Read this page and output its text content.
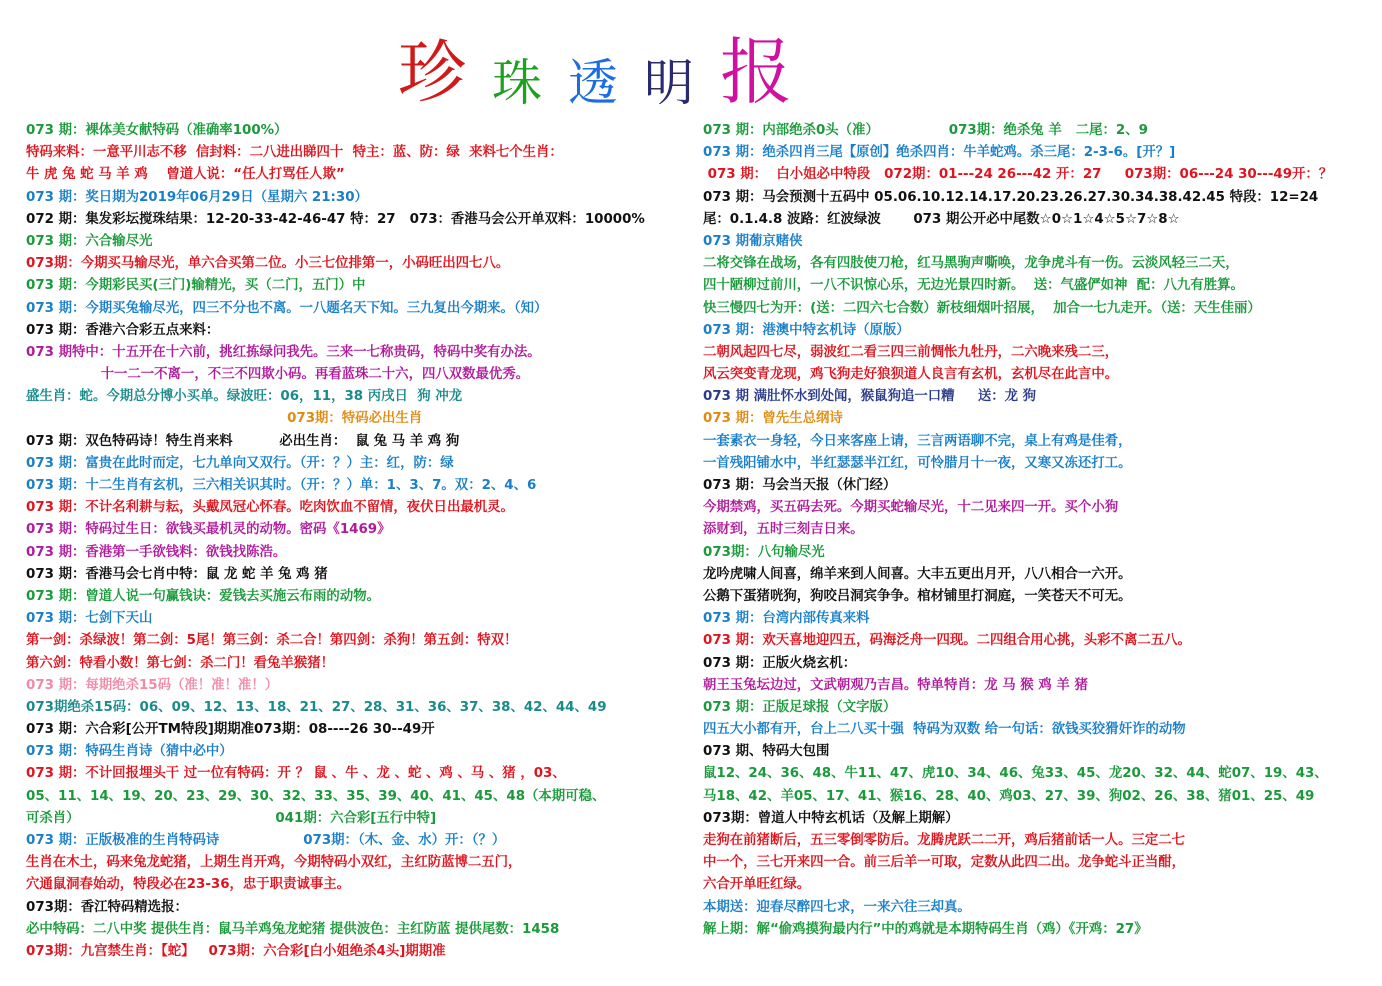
珍 珠 透 明 报
073 期：裸体美女献特码（准确率100%）
特码来料：一意平川志不移  信封料：二八进出睇四十  特主：蓝、防：绿  来料七个生肖：
牛 虎 兔 蛇 马 羊 鸡    曾道人说：“任人打骂任人欺”
073 期：奖日期为2019年06月29日（星期六 21:30）
072 期：集发彩坛搅珠结果：12-20-33-42-46-47 特：27   073：香港马会公开单双料：10000%
073 期：六合输尽光
073期：今期买马输尽光，单六合买第二位。小三七位排第一，小码旺出四七八。
073 期：今期彩民买(三门)输精光，买（二门，五门）中
073 期：今期买兔输尽光，四三不分也不离。一八题名天下知。三九复出今期来。（知）
073 期：香港六合彩五点来料：
073 期特中：十五开在十六前，挑红拣绿问我先。三来一七称贵码，特码中奖有办法。
十一二一不离一，不三不四欺小码。再看蓝珠二十六，四八双数最优秀。
盛生肖：蛇。今期总分博小买单。绿波旺：06，11，38 丙戌日  狗 冲龙
073期：特码必出生肖
073 期：双色特码诗！特生肖来料          必出生肖：  鼠 兔 马 羊 鸡 狗
073 期：富贵在此时而定，七九单向又双行。（开：？）主：红，防：绿
073 期：十二生肖有玄机，三六相关识其时。（开：？）单：1、3、7。双：2、4、6
073 期：不计名利耕与耘，头戴凤冠心怀春。吃肉饮血不留情，夜伏日出最机灵。
073 期：特码过生日：欲钱买最机灵的动物。密码《1469》
073 期：香港第一手欲钱料：欲钱找陈浩。
073 期：香港马会七肖中特：鼠 龙 蛇 羊 兔 鸡 猪
073 期：曾道人说一句赢钱诀：爱钱去买施云布雨的动物。
073 期：七剑下天山
第一剑：杀绿波！第二剑：5尾！第三剑：杀二合！第四剑：杀狗！第五剑：特双！
第六剑：特看小数！第七剑：杀二门！看兔羊猴猪！
073 期：每期绝杀15码（准！准！准！）
073期绝杀15码：06、09、12、13、18、21、27、28、31、36、37、38、42、44、49
073 期：六合彩[公开TM特段]期期准073期：08----26 30--49开
073 期：特码生肖诗（猜中必中）
073 期：不计回报埋头干 过一位有特码：开 ？ 鼠 、牛 、龙 、蛇 、鸡 、马 、猪 ，03、
05、11、14、19、20、23、29、30、32、33、35、39、40、41、45、48（本期可稳、
可杀肖）                                          041期：六合彩[五行中特]
073 期：正版极准的生肖特码诗                  073期：（木、金、水）开：（？）
生肖在木土，码来兔龙蛇猪，上期生肖开鸡，今期特码小双红，主红防蓝博二五门，
穴通鼠洞春始动，特段必在23-36，忠于职责诚事主。
073期：香江特码精选报：
必中特码：二八中奖 提供生肖：鼠马羊鸡兔龙蛇猪 提供波色：主红防蓝 提供尾数：1458
073期：九宫禁生肖：【蛇】   073期：六合彩[白小姐绝杀4头]期期准
073 期：内部绝杀0头（准）               073期：绝杀兔 羊   二尾：2、9
073 期：绝杀四肖三尾【原创】绝杀四肖：牛羊蛇鸡。杀三尾：2-3-6。[开？]
073 期：  白小姐必中特段   072期：01---24 26---42 开：27     073期：06---24 30---49开：？
073 期：马会预测十五码中 05.06.10.12.14.17.20.23.26.27.30.34.38.42.45 特段：12=24
尾：0.1.4.8 波路：红波绿波       073 期公开必中尾数☆0☆1☆4☆5☆7☆8☆
073 期葡京赌侠
二将交锋在战场，各有四肢使刀枪，红马黑驹声嘶唤，龙争虎斗有一伤。云淡风轻三二天，
四十陋柳过前川，一八不识惊心乐，无边光景四时新。  送：气盛俨如神  配：八九有胜算。
快三慢四七为开：(送：二四六七合数）新枝细烟叶招展，  加合一七九走开。（送：天生佳丽）
073 期：港澳中特玄机诗（原版）
二朝风起四七尽，弱波红二看三四三前惆怅九牡丹，二六晚来残二三，
风云突变青龙现，鸡飞狗走好狼狈道人良言有玄机，玄机尽在此言中。
073 期 满肚怀水到处闻，猴鼠狗追一口糟     送：龙 狗
073 期：曾先生总纲诗
一套素衣一身轻，今日来客座上请，三言两语聊不完，桌上有鸡是佳肴，
一首残阳铺水中，半红瑟瑟半江红，可怜腊月十一夜，又寒又冻还打工。
073 期：马会当天报（休门经）
今期禁鸡，买五码去死。今期买蛇输尽光，十二见来四一开。买个小狗
添财到，五时三刻吉日来。
073期：八句输尽光
龙吟虎啸人间喜，绵羊来到人间喜。大丰五更出月开，八八相合一六开。
公鹅下蛋猪咣狗，狗咬吕洞宾争争。棺材铺里打洞庭，一笑苍天不可无。
073 期：台湾内部传真来料
073 期：欢天喜地迎四五，码海泛舟一四现。二四组合用心挑，头彩不离二五八。
073 期：正版火烧玄机：
朝王玉兔坛边过，文武朝观乃吉昌。特单特肖：龙 马 猴 鸡 羊 猪
073 期：正版足球报（文字版）
四五大小都有开，台上二八买十强  特码为双数 给一句话：欲钱买狡猾奸诈的动物
073 期、特码大包围
鼠12、24、36、48、牛11、47、虎10、34、46、兔33、45、龙20、32、44、蛇07、19、43、
马18、42、羊05、17、41、猴16、28、40、鸡03、27、39、狗02、26、38、猪01、25、49
073期：曾道人中特玄机话（及解上期解）
走狗在前猪断后，五三零倒零防后。龙腾虎跃二二开，鸡后猪前话一人。三定二七
中一个，三七开来四一合。前三后羊一可取，定数从此四二出。龙争蛇斗正当酣，
六合开单旺红绿。
本期送：迎春尽醉四七求，一来六往三却真。
解上期：解“偷鸡摸狗最内行”中的鸡就是本期特码生肖（鸡）《开鸡：27》
